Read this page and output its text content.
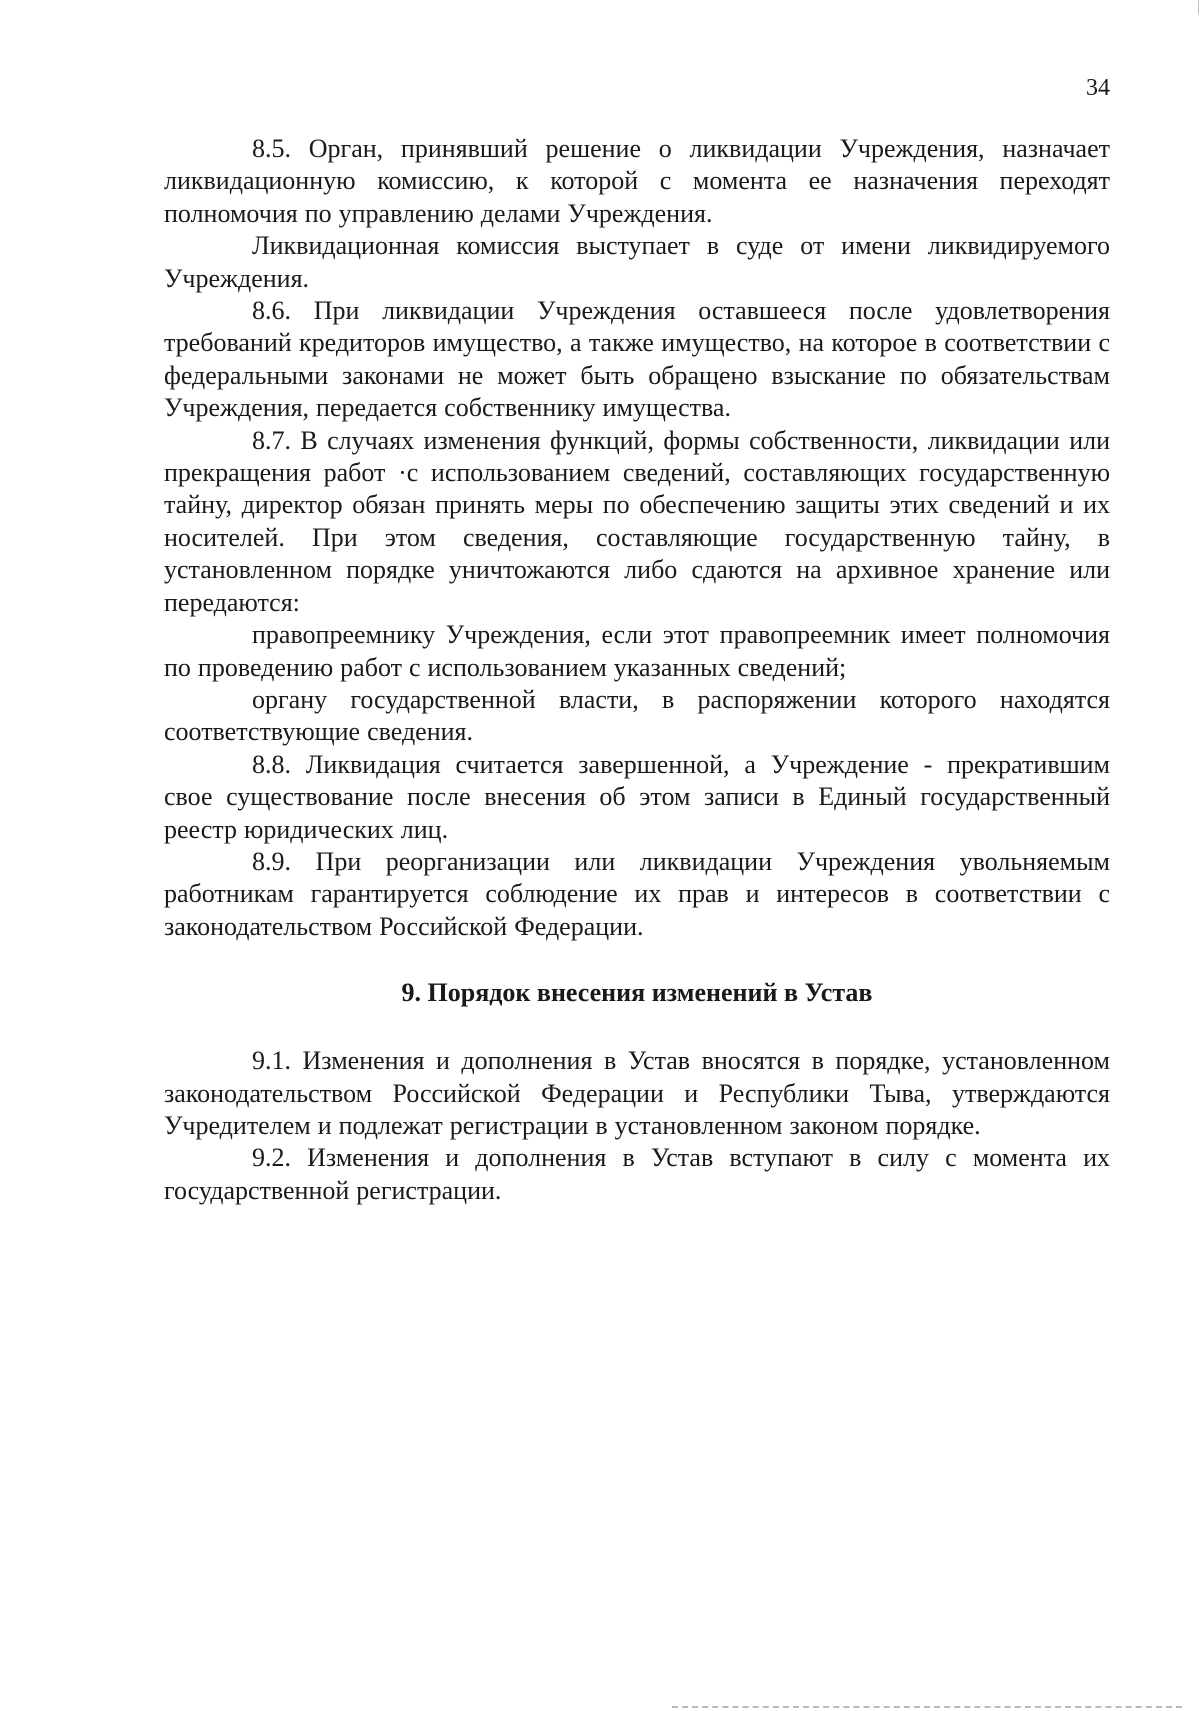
34

8.5. Орган, принявший решение о ликвидации Учреждения, назначает ликвидационную комиссию, к которой с момента ее назначения переходят полномочия по управлению делами Учреждения.

Ликвидационная комиссия выступает в суде от имени ликвидируемого Учреждения.

8.6. При ликвидации Учреждения оставшееся после удовлетворения требований кредиторов имущество, а также имущество, на которое в соответствии с федеральными законами не может быть обращено взыскание по обязательствам Учреждения, передается собственнику имущества.

8.7. В случаях изменения функций, формы собственности, ликвидации или прекращения работ ·с использованием сведений, составляющих государственную тайну, директор обязан принять меры по обеспечению защиты этих сведений и их носителей. При этом сведения, составляющие государственную тайну, в установленном порядке уничтожаются либо сдаются на архивное хранение или передаются:

правопреемнику Учреждения, если этот правопреемник имеет полномочия по проведению работ с использованием указанных сведений;

органу государственной власти, в распоряжении которого находятся соответствующие сведения.

8.8. Ликвидация считается завершенной, а Учреждение - прекратившим свое существование после внесения об этом записи в Единый государственный реестр юридических лиц.

8.9. При реорганизации или ликвидации Учреждения увольняемым работникам гарантируется соблюдение их прав и интересов в соответствии с законодательством Российской Федерации.

9. Порядок внесения изменений в Устав

9.1. Изменения и дополнения в Устав вносятся в порядке, установленном законодательством Российской Федерации и Республики Тыва, утверждаются Учредителем и подлежат регистрации в установленном законом порядке.

9.2. Изменения и дополнения в Устав вступают в силу с момента их государственной регистрации.
